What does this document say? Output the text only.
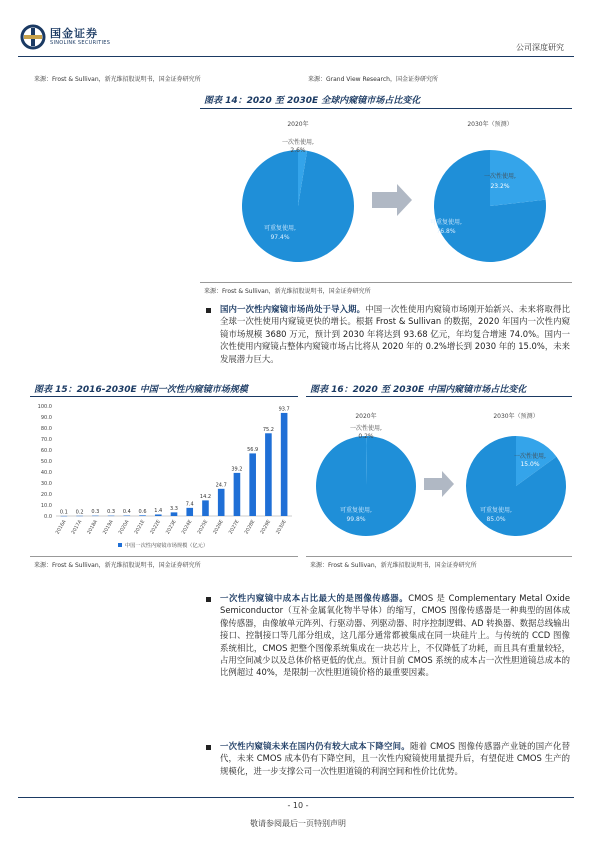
国金证券
SINOLINK SECURITIES	公司深度研究
来源：Frost & Sullivan，新光维招股说明书，国金证券研究所	来源：Grand View Research，国金证券研究所
图表 14：2020 至 2030E 全球内窥镜市场占比变化
2020年
一次性使用,
2.6%
可重复使用,
97.4%
2030年（预测）
一次性使用,
23.2%
可重复使用,
76.8%
来源：Frost & Sullivan，新光维招股说明书，国金证券研究所
国内一次性内窥镜市场尚处于导入期。中国一次性使用内窥镜市场刚开始新兴、未来将取得比全球一次性使用内窥镜更快的增长。根据 Frost & Sullivan 的数据，2020 年国内一次性内窥镜市场规模 3680 万元，预计到 2030 年将达到 93.68 亿元，年均复合增速 74.0%。国内一次性使用内窥镜占整体内窥镜市场占比将从 2020 年的 0.2%增长到 2030 年的 15.0%，未来发展潜力巨大。
图表 15：2016-2030E 中国一次性内窥镜市场规模
0.0
10.0
20.0
30.0
40.0
50.0
60.0
70.0
80.0
90.0
100.0
0.1
2016A
0.2
2017A
0.3
2018A
0.3
2019A
0.4
2020A
0.6
2021E
1.4
2022E
3.3
2023E
7.4
2024E
14.2
2025E
24.7
2026E
39.2
2027E
56.9
2028E
75.2
2029E
93.7
2030E
中国一次性内窥镜市场规模（亿元）
来源：Frost & Sullivan，新光维招股说明书，国金证券研究所
图表 16：2020 至 2030E 中国内窥镜市场占比变化
2020年
一次性使用,
0.2%
可重复使用,
99.8%
2030年（预测）
一次性使用,
15.0%
可重复使用,
85.0%
来源：Frost & Sullivan，新光维招股说明书，国金证券研究所
一次性内窥镜中成本占比最大的是图像传感器。CMOS 是 Complementary Metal Oxide Semiconductor（互补金属氧化物半导体）的缩写，CMOS 图像传感器是一种典型的固体成像传感器，由像敏单元阵列、行驱动器、列驱动器、时序控制逻辑、AD 转换器、数据总线输出接口、控制接口等几部分组成，这几部分通常都被集成在同一块硅片上。与传统的 CCD 图像系统相比，CMOS 把整个图像系统集成在一块芯片上，不仅降低了功耗，而且具有重量较轻，占用空间减少以及总体价格更低的优点。预计目前 CMOS 系统的成本占一次性胆道镜总成本的比例超过 40%，是限制一次性胆道镜价格的最重要因素。
一次性内窥镜未来在国内仍有较大成本下降空间。随着 CMOS 图像传感器产业链的国产化替代，未来 CMOS 成本仍有下降空间，且一次性内窥镜使用量提升后，有望促进 CMOS 生产的规模化，进一步支撑公司一次性胆道镜的利润空间和性价比优势。
- 10 -
敬请参阅最后一页特别声明
